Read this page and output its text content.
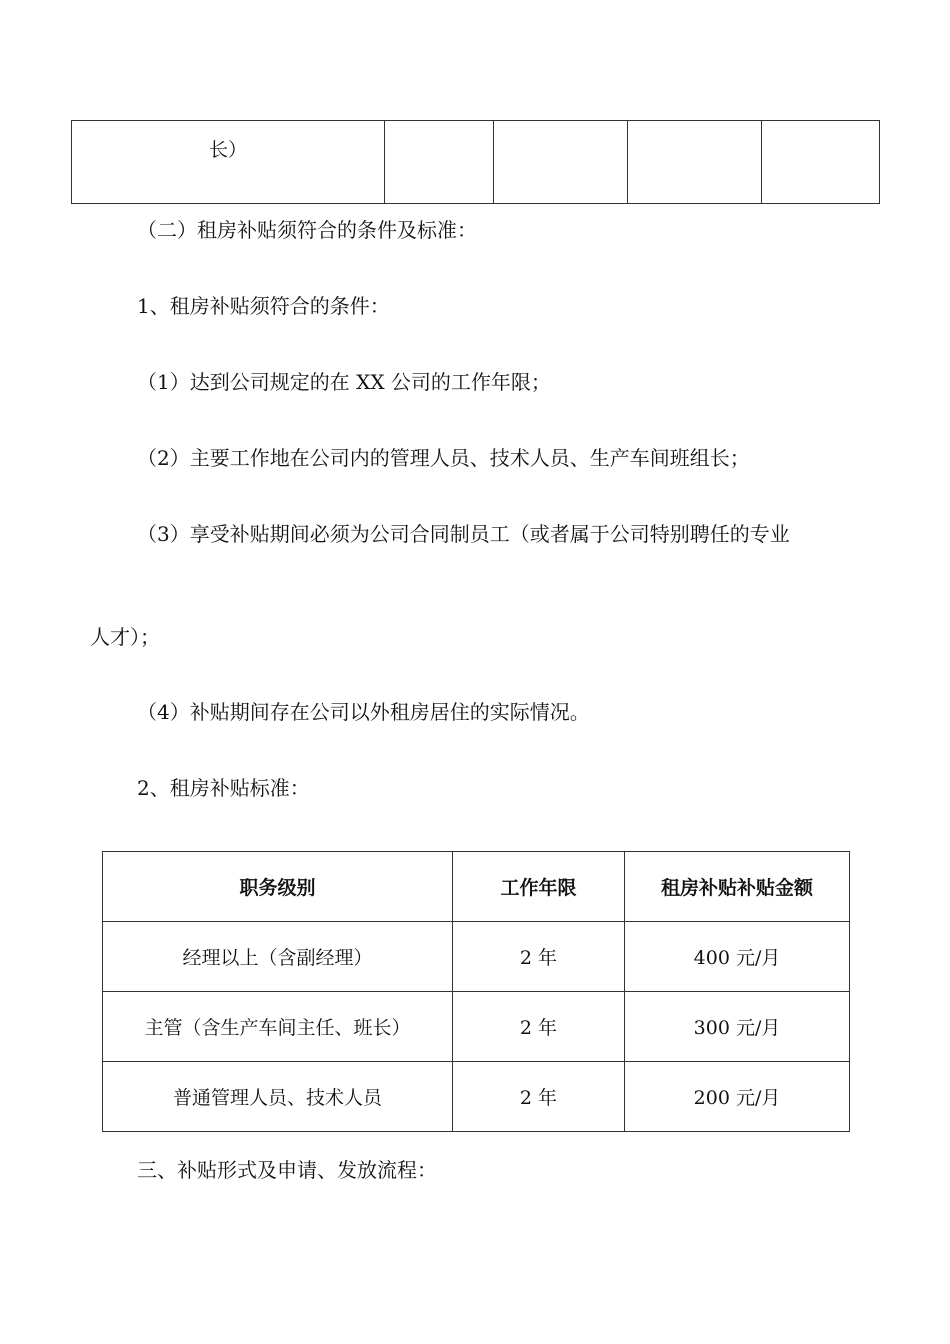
长）				

（二）租房补贴须符合的条件及标准：

1、租房补贴须符合的条件：

（1）达到公司规定的在 XX 公司的工作年限；

（2）主要工作地在公司内的管理人员、技术人员、生产车间班组长；

（3）享受补贴期间必须为公司合同制员工（或者属于公司特别聘任的专业

人才）；

（4）补贴期间存在公司以外租房居住的实际情况。

2、租房补贴标准：

职务级别	工作年限	租房补贴补贴金额
经理以上（含副经理）	2 年	400 元/月
主管（含生产车间主任、班长）	2 年	300 元/月
普通管理人员、技术人员	2 年	200 元/月

三、补贴形式及申请、发放流程：
